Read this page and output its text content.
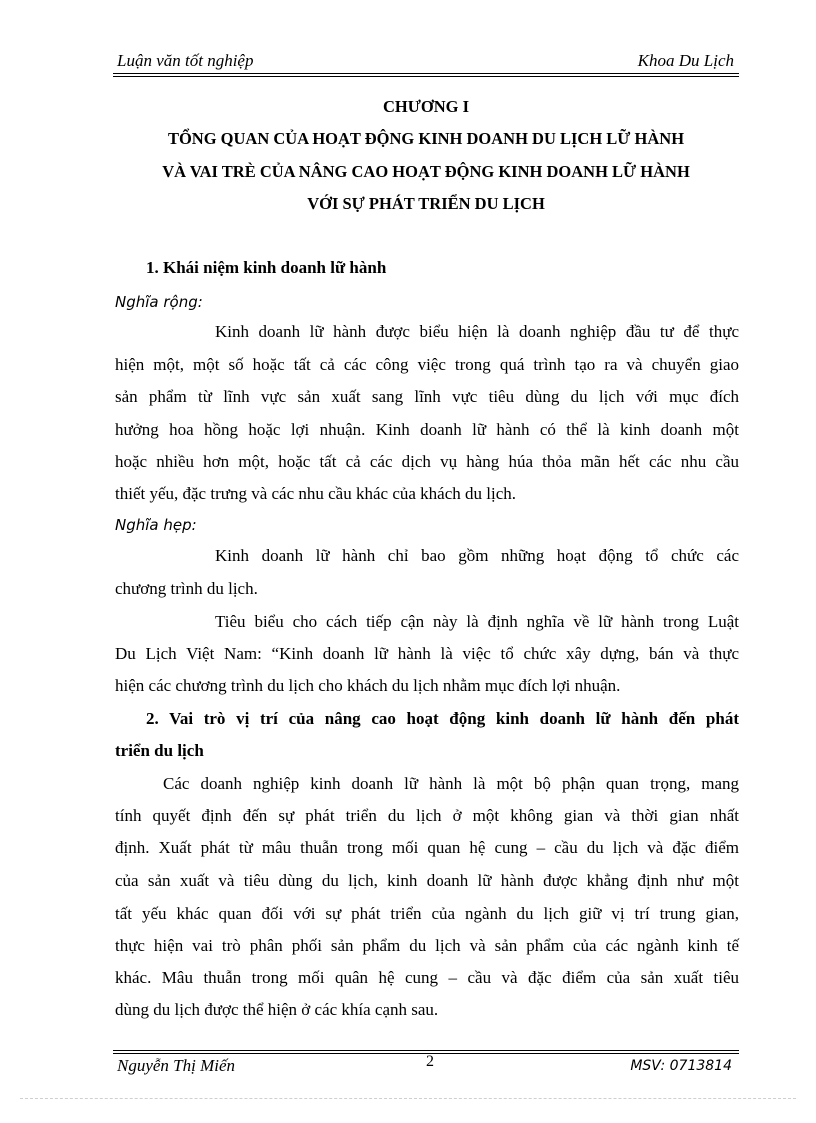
Luận văn tốt nghiệp	Khoa Du Lịch
CHƯƠNG I
TỔNG QUAN CỦA HOẠT ĐỘNG KINH DOANH DU LỊCH LỮ HÀNH
VÀ VAI TRÈ CỦA NÂNG CAO HOẠT ĐỘNG KINH DOANH LỮ HÀNH
VỚI SỰ PHÁT TRIỂN DU LỊCH
1. Khái niệm kinh doanh lữ hành
Nghĩa rộng:
Kinh doanh lữ hành được biểu hiện là doanh nghiệp đầu tư để thực
hiện một, một số hoặc tất cả các công việc trong quá trình tạo ra và chuyển giao
sản phẩm từ lĩnh vực sản xuất sang lĩnh vực tiêu dùng du lịch với mục đích
hưởng hoa hồng hoặc lợi nhuận. Kinh doanh lữ hành có thể là kinh doanh một
hoặc nhiều hơn một, hoặc tất cả các dịch vụ hàng húa thỏa mãn hết các nhu cầu
thiết yếu, đặc trưng và các nhu cầu khác của khách du lịch.
Nghĩa hẹp:
Kinh doanh lữ hành chỉ bao gồm những hoạt động tổ chức các
chương trình du lịch.
Tiêu biểu cho cách tiếp cận này là định nghĩa về lữ hành trong Luật
Du Lịch Việt Nam: “Kinh doanh lữ hành là việc tổ chức xây dựng, bán và thực
hiện các chương trình du lịch cho khách du lịch nhằm mục đích lợi nhuận.
2. Vai trò vị trí của nâng cao hoạt động kinh doanh lữ hành đến phát
triển du lịch
Các doanh nghiệp kinh doanh lữ hành là một bộ phận quan trọng, mang
tính quyết định đến sự phát triển du lịch ở một không gian và thời gian nhất
định. Xuất phát từ mâu thuẫn trong mối quan hệ cung – cầu du lịch và đặc điểm
của sản xuất và tiêu dùng du lịch, kinh doanh lữ hành được khẳng định như một
tất yếu khác quan đối với sự phát triển của ngành du lịch giữ vị trí trung gian,
thực hiện vai trò phân phối sản phẩm du lịch và sản phẩm của các ngành kinh tế
khác. Mâu thuẫn trong mối quân hệ cung – cầu và đặc điểm của sản xuất tiêu
dùng du lịch được thể hiện ở các khía cạnh sau.
Nguyễn Thị Miến	2	MSV: 0713814
